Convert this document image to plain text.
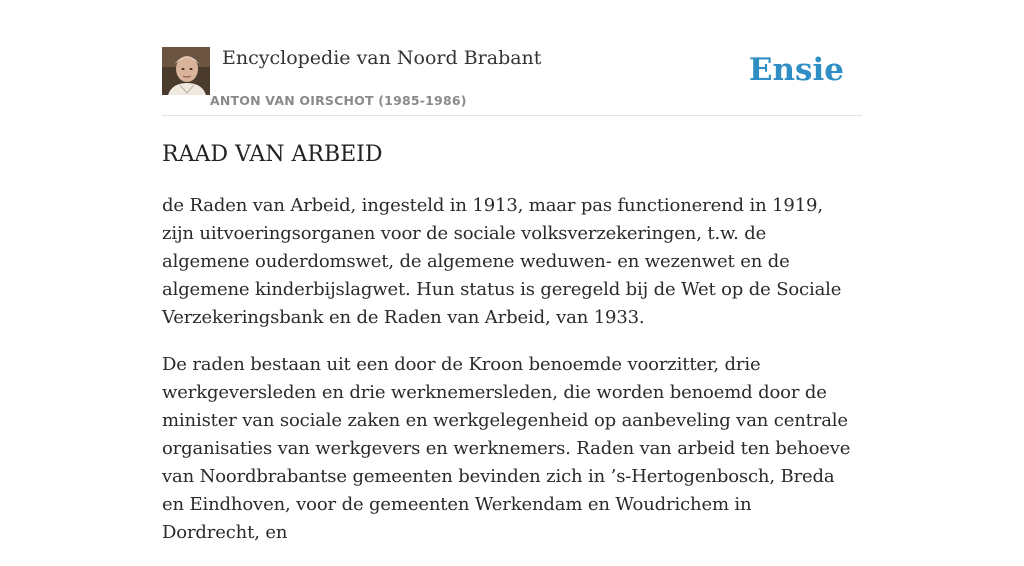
Encyclopedie van Noord Brabant
ANTON VAN OIRSCHOT (1985-1986)
Ensie
RAAD VAN ARBEID

de Raden van Arbeid, ingesteld in 1913, maar pas functionerend in 1919, zijn uitvoeringsorganen voor de sociale volksverzekeringen, t.w. de algemene ouderdomswet, de algemene weduwen- en wezenwet en de algemene kinderbijslagwet. Hun status is geregeld bij de Wet op de Sociale Verzekeringsbank en de Raden van Arbeid, van 1933.

De raden bestaan uit een door de Kroon benoemde voorzitter, drie werkgeversleden en drie werknemersleden, die worden benoemd door de minister van sociale zaken en werkgelegenheid op aanbeveling van centrale organisaties van werkgevers en werknemers. Raden van arbeid ten behoeve van Noordbrabantse gemeenten bevinden zich in ’s-Hertogenbosch, Breda en Eindhoven, voor de gemeenten Werkendam en Woudrichem in Dordrecht, en
